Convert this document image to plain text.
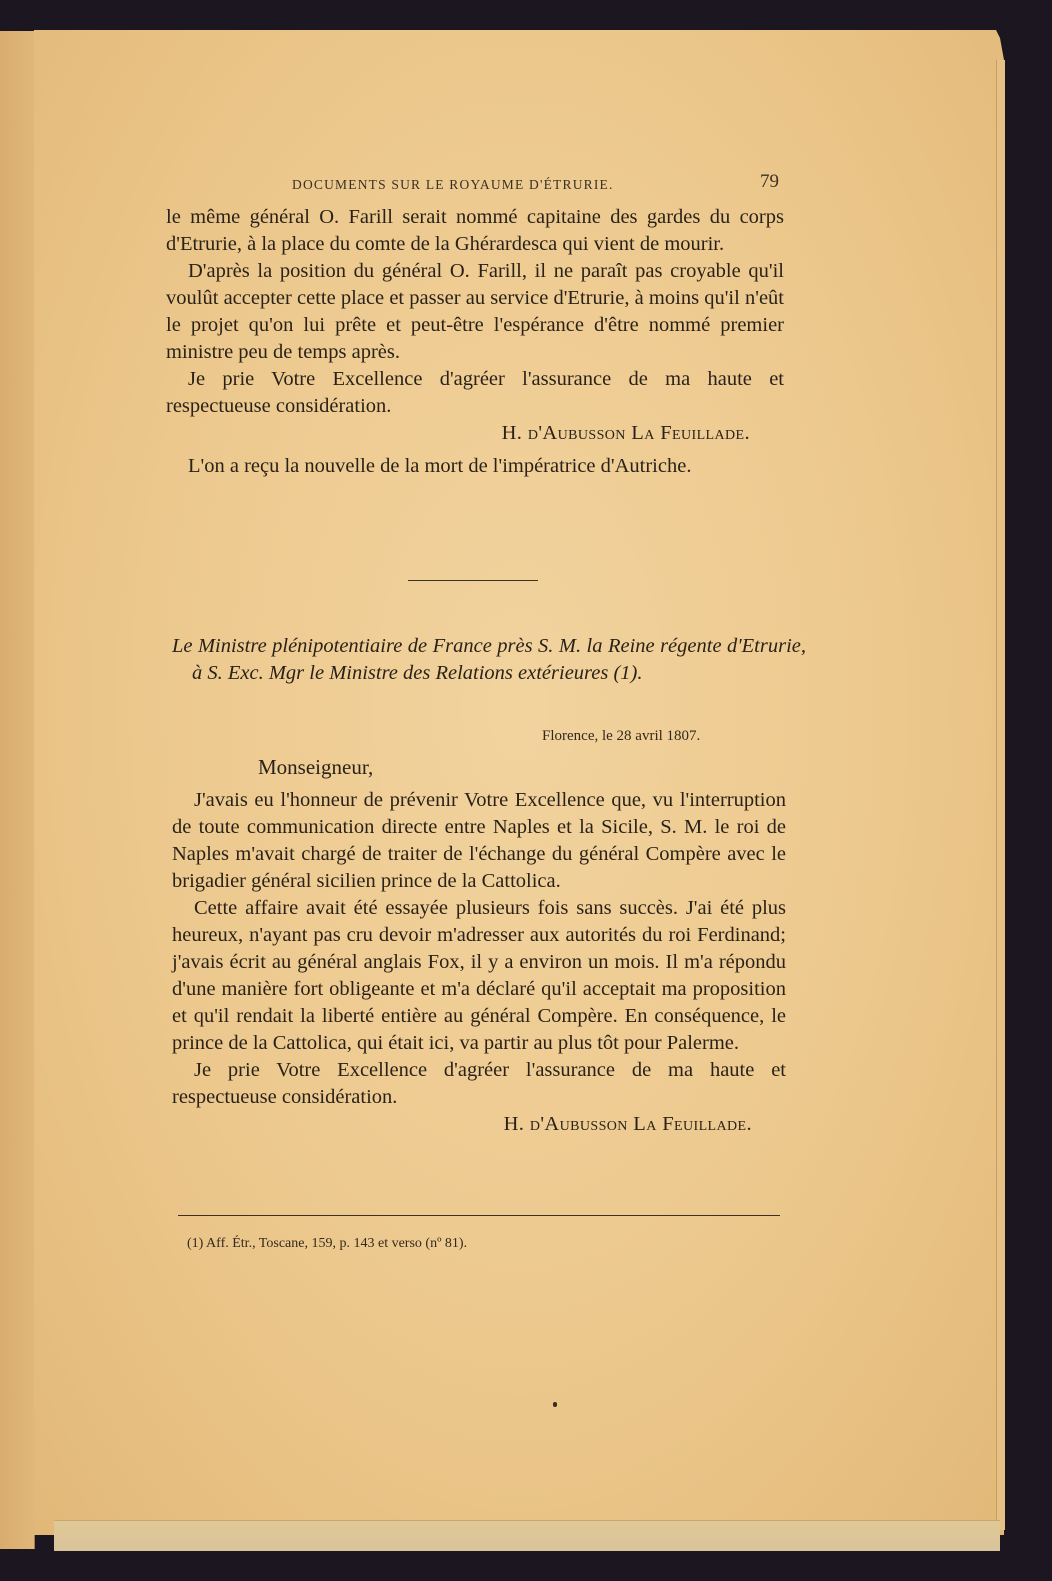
DOCUMENTS SUR LE ROYAUME D'ÉTRURIE.	79

le même général O. Farill serait nommé capitaine des gardes du corps d'Etrurie, à la place du comte de la Ghérardesca qui vient de mourir.

D'après la position du général O. Farill, il ne paraît pas croyable qu'il voulût accepter cette place et passer au service d'Etrurie, à moins qu'il n'eût le projet qu'on lui prête et peut-être l'espérance d'être nommé premier ministre peu de temps après.

Je prie Votre Excellence d'agréer l'assurance de ma haute et respectueuse considération.

H. d'Aubusson La Feuillade.

L'on a reçu la nouvelle de la mort de l'impératrice d'Autriche.

Le Ministre plénipotentiaire de France près S. M. la Reine régente d'Etrurie, à S. Exc. Mgr le Ministre des Relations extérieures (1).
Florence, le 28 avril 1807.
Monseigneur,

J'avais eu l'honneur de prévenir Votre Excellence que, vu l'interruption de toute communication directe entre Naples et la Sicile, S. M. le roi de Naples m'avait chargé de traiter de l'échange du général Compère avec le brigadier général sicilien prince de la Cattolica.

Cette affaire avait été essayée plusieurs fois sans succès. J'ai été plus heureux, n'ayant pas cru devoir m'adresser aux autorités du roi Ferdinand; j'avais écrit au général anglais Fox, il y a environ un mois. Il m'a répondu d'une manière fort obligeante et m'a déclaré qu'il acceptait ma proposition et qu'il rendait la liberté entière au général Compère. En conséquence, le prince de la Cattolica, qui était ici, va partir au plus tôt pour Palerme.

Je prie Votre Excellence d'agréer l'assurance de ma haute et respectueuse considération.

H. d'Aubusson La Feuillade.

(1) Aff. Étr., Toscane, 159, p. 143 et verso (nº 81).
